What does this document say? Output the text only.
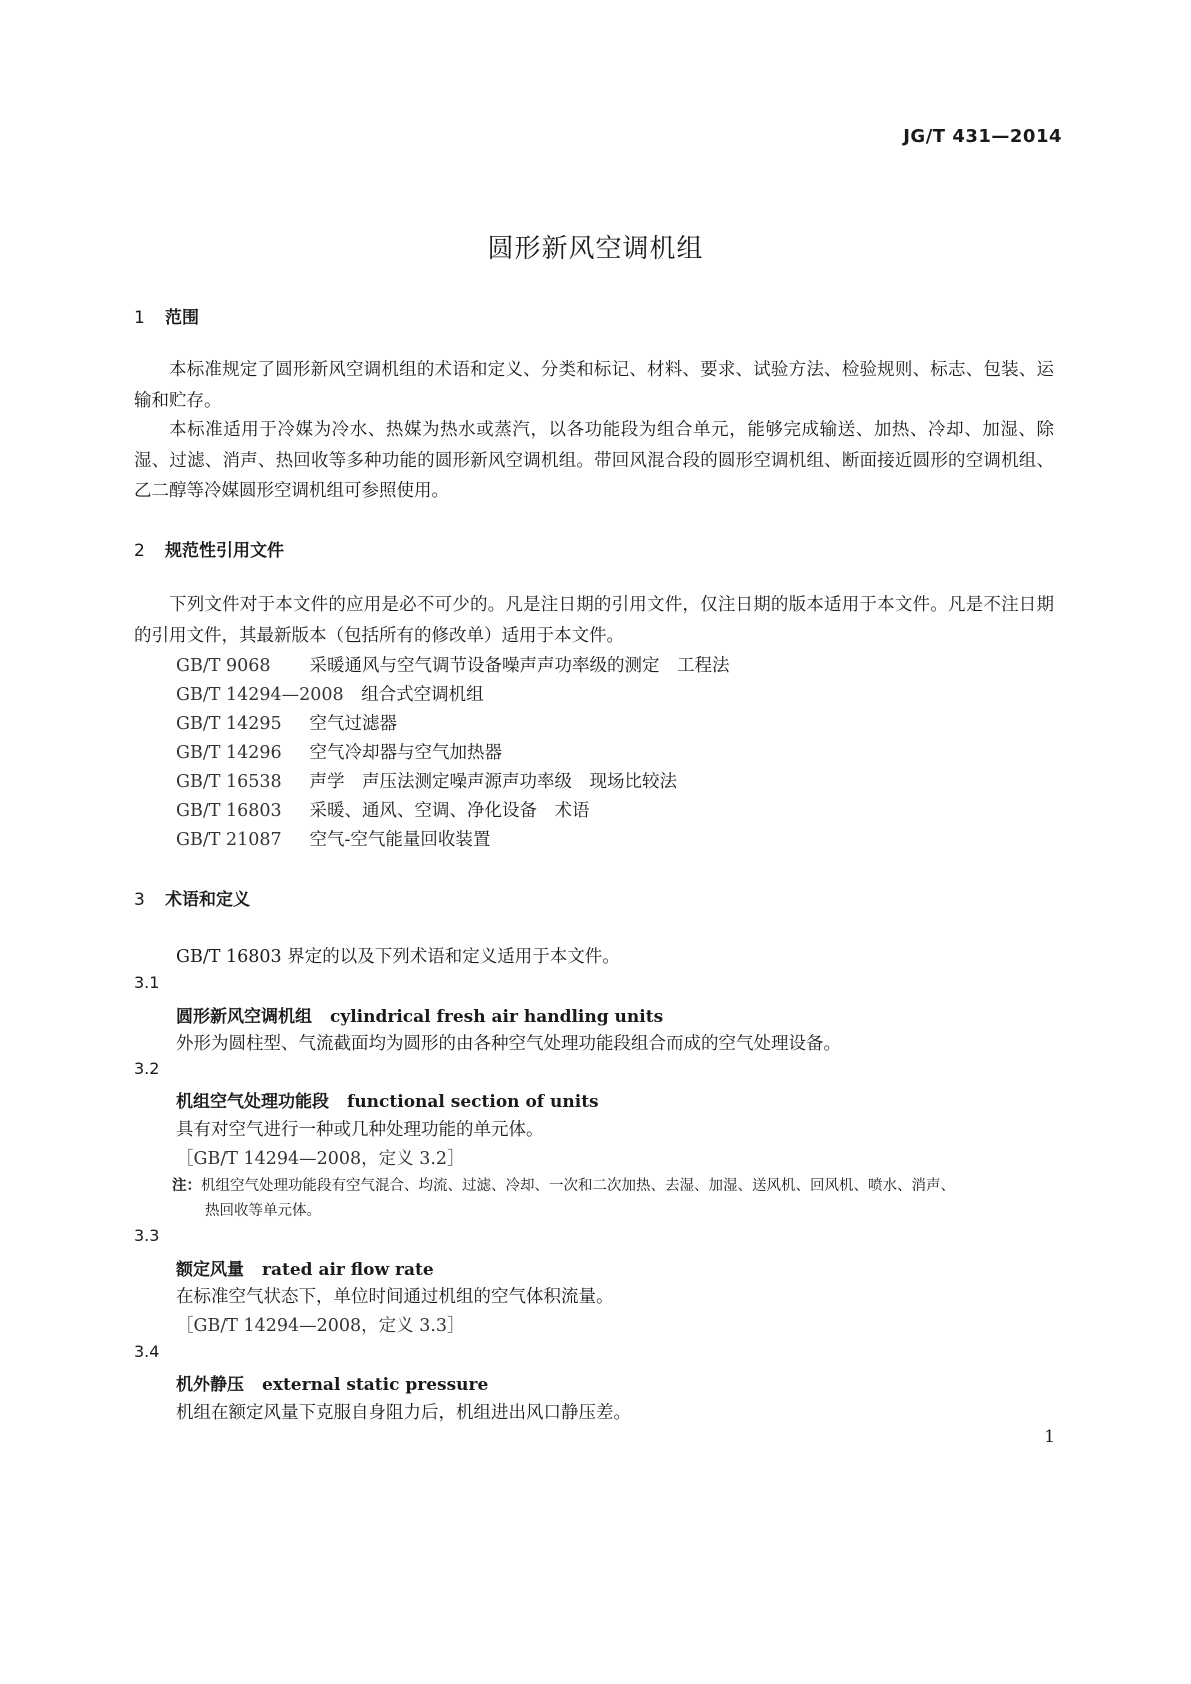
JG/T 431—2014
圆形新风空调机组
1 范围
本标准规定了圆形新风空调机组的术语和定义、分类和标记、材料、要求、试验方法、检验规则、标志、包装、运输和贮存。
本标准适用于冷媒为冷水、热媒为热水或蒸汽，以各功能段为组合单元，能够完成输送、加热、冷却、加湿、除湿、过滤、消声、热回收等多种功能的圆形新风空调机组。带回风混合段的圆形空调机组、断面接近圆形的空调机组、乙二醇等冷媒圆形空调机组可参照使用。
2 规范性引用文件
下列文件对于本文件的应用是必不可少的。凡是注日期的引用文件，仅注日期的版本适用于本文件。凡是不注日期的引用文件，其最新版本（包括所有的修改单）适用于本文件。
GB/T 9068　 采暖通风与空气调节设备噪声声功率级的测定　工程法
GB/T 14294—2008　 组合式空调机组
GB/T 14295　 空气过滤器
GB/T 14296　 空气冷却器与空气加热器
GB/T 16538　 声学　声压法测定噪声源声功率级　现场比较法
GB/T 16803　 采暖、通风、空调、净化设备　术语
GB/T 21087　 空气-空气能量回收装置
3 术语和定义
GB/T 16803 界定的以及下列术语和定义适用于本文件。
3.1
圆形新风空调机组 cylindrical fresh air handling units
外形为圆柱型、气流截面均为圆形的由各种空气处理功能段组合而成的空气处理设备。
3.2
机组空气处理功能段 functional section of units
具有对空气进行一种或几种处理功能的单元体。
［GB/T 14294—2008，定义 3.2］
注：机组空气处理功能段有空气混合、均流、过滤、冷却、一次和二次加热、去湿、加湿、送风机、回风机、喷水、消声、
热回收等单元体。
3.3
额定风量 rated air flow rate
在标准空气状态下，单位时间通过机组的空气体积流量。
［GB/T 14294—2008，定义 3.3］
3.4
机外静压 external static pressure
机组在额定风量下克服自身阻力后，机组进出风口静压差。
1
